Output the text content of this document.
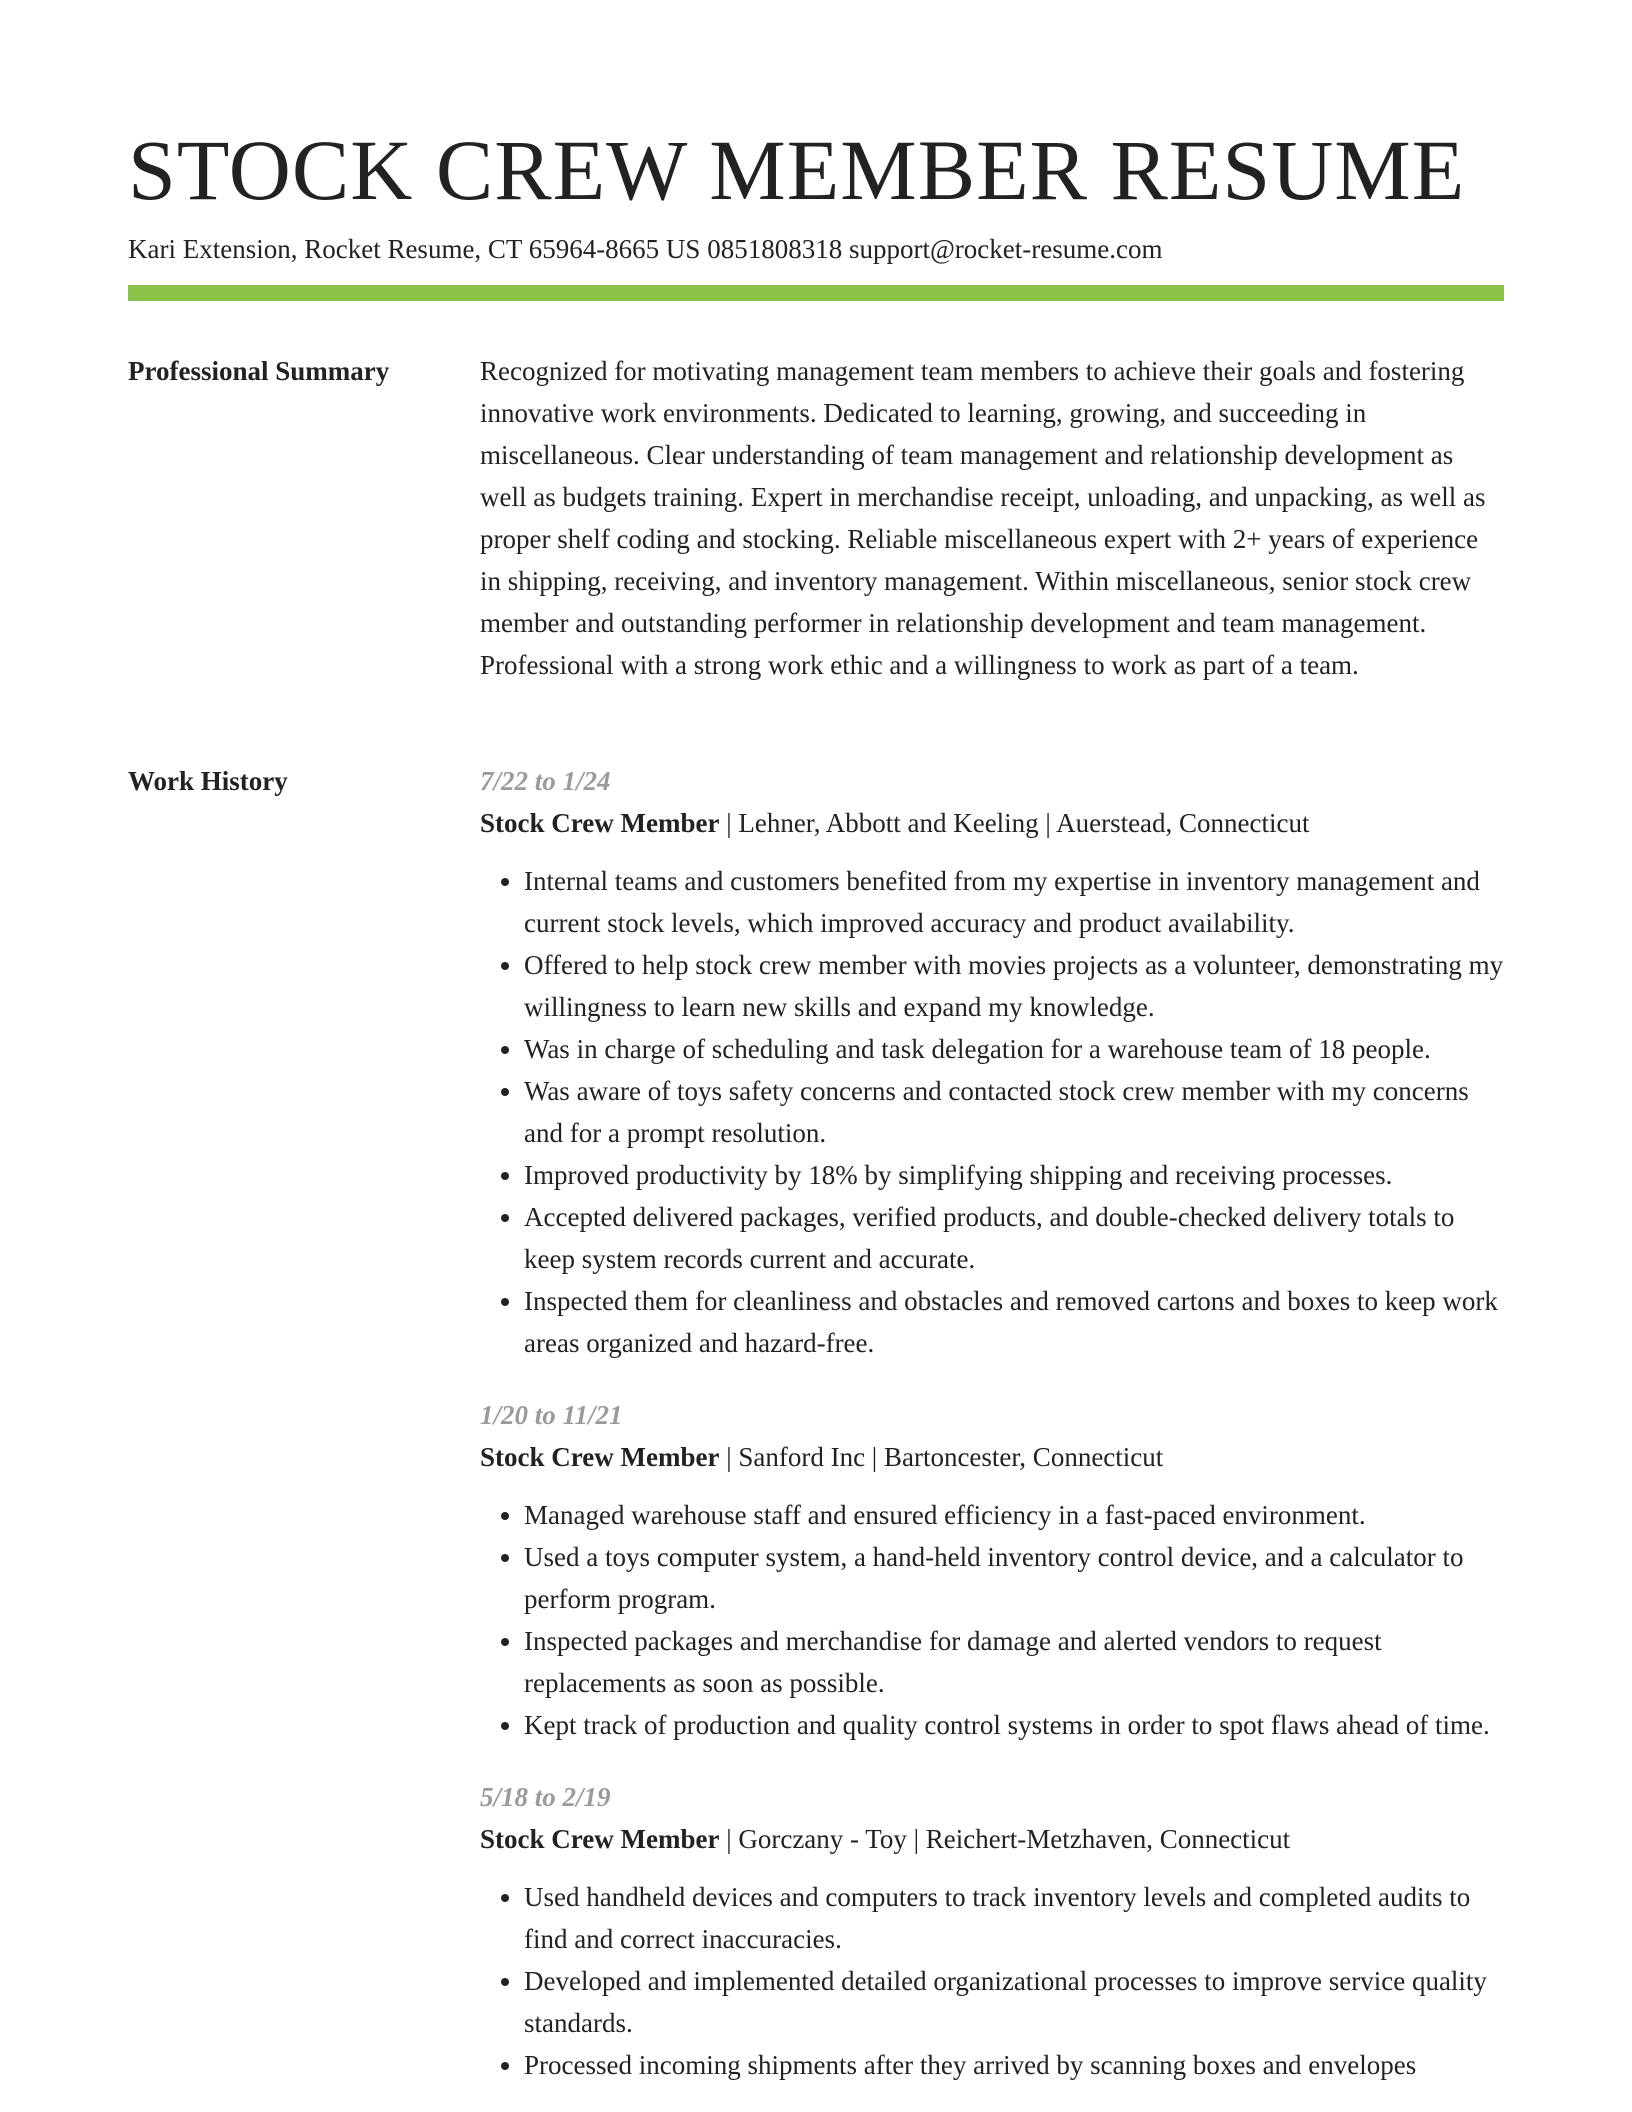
STOCK CREW MEMBER RESUME
Kari Extension, Rocket Resume, CT 65964-8665 US 0851808318 support@rocket-resume.com
Professional Summary	Recognized for motivating management team members to achieve their goals and fostering innovative work environments. Dedicated to learning, growing, and succeeding in miscellaneous. Clear understanding of team management and relationship development as well as budgets training. Expert in merchandise receipt, unloading, and unpacking, as well as proper shelf coding and stocking. Reliable miscellaneous expert with 2+ years of experience in shipping, receiving, and inventory management. Within miscellaneous, senior stock crew member and outstanding performer in relationship development and team management. Professional with a strong work ethic and a willingness to work as part of a team.
Work History	7/22 to 1/24
Stock Crew Member | Lehner, Abbott and Keeling | Auerstead, Connecticut
• Internal teams and customers benefited from my expertise in inventory management and current stock levels, which improved accuracy and product availability.
• Offered to help stock crew member with movies projects as a volunteer, demonstrating my willingness to learn new skills and expand my knowledge.
• Was in charge of scheduling and task delegation for a warehouse team of 18 people.
• Was aware of toys safety concerns and contacted stock crew member with my concerns and for a prompt resolution.
• Improved productivity by 18% by simplifying shipping and receiving processes.
• Accepted delivered packages, verified products, and double-checked delivery totals to keep system records current and accurate.
• Inspected them for cleanliness and obstacles and removed cartons and boxes to keep work areas organized and hazard-free.
1/20 to 11/21
Stock Crew Member | Sanford Inc | Bartoncester, Connecticut
• Managed warehouse staff and ensured efficiency in a fast-paced environment.
• Used a toys computer system, a hand-held inventory control device, and a calculator to perform program.
• Inspected packages and merchandise for damage and alerted vendors to request replacements as soon as possible.
• Kept track of production and quality control systems in order to spot flaws ahead of time.
5/18 to 2/19
Stock Crew Member | Gorczany - Toy | Reichert-Metzhaven, Connecticut
• Used handheld devices and computers to track inventory levels and completed audits to find and correct inaccuracies.
• Developed and implemented detailed organizational processes to improve service quality standards.
• Processed incoming shipments after they arrived by scanning boxes and envelopes
